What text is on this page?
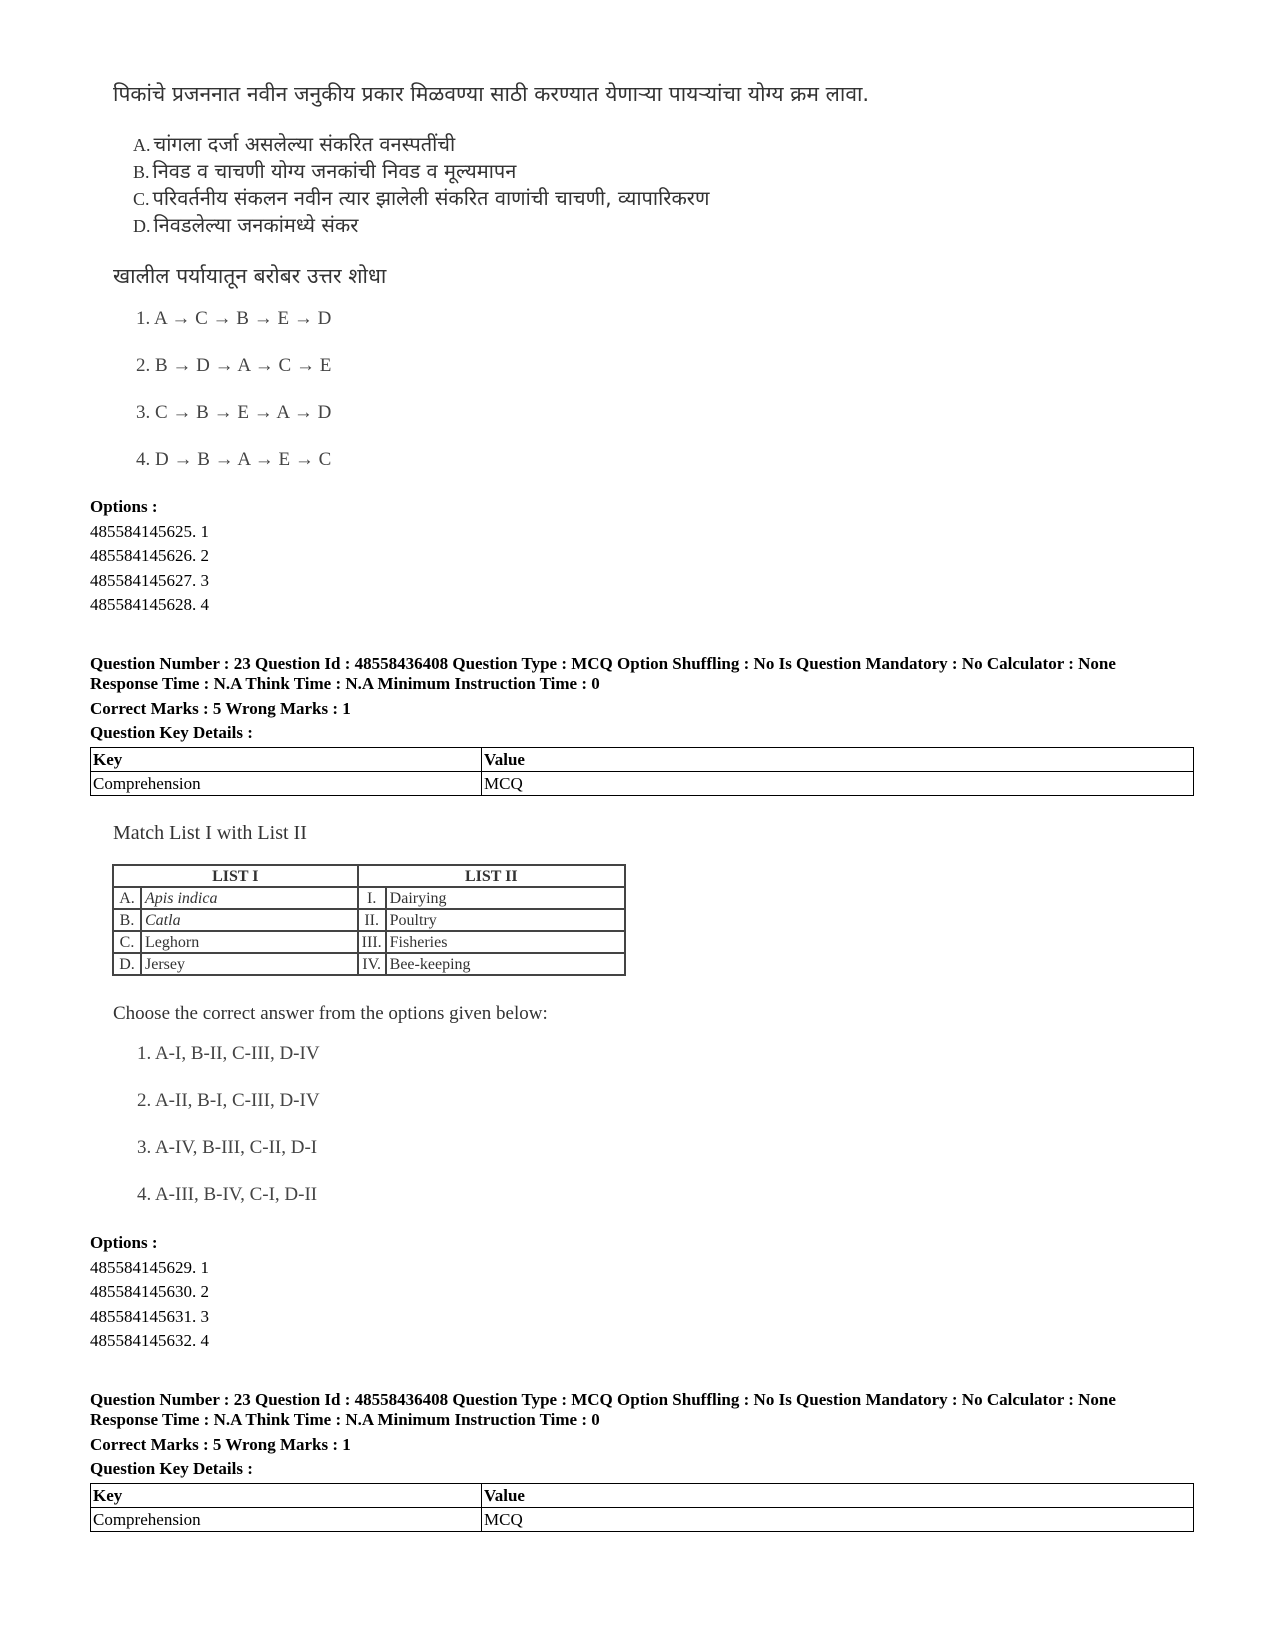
पिकांचे प्रजननात नवीन जनुकीय प्रकार मिळवण्या साठी करण्यात येणाऱ्या पायऱ्यांचा योग्य क्रम लावा.
A. चांगला दर्जा असलेल्या संकरित वनस्पतींची
B. निवड व चाचणी योग्य जनकांची निवड व मूल्यमापन
C. परिवर्तनीय संकलन नवीन त्यार झालेली संकरित वाणांची चाचणी, व्यापारिकरण
D. निवडलेल्या जनकांमध्ये संकर
खालील पर्यायातून बरोबर उत्तर शोधा
1. A → C → B → E → D
2. B → D → A → C → E
3. C → B → E → A → D
4. D → B → A → E → C
Options :
485584145625. 1
485584145626. 2
485584145627. 3
485584145628. 4
Question Number : 23 Question Id : 48558436408 Question Type : MCQ Option Shuffling : No Is Question Mandatory : No Calculator : None
Response Time : N.A Think Time : N.A Minimum Instruction Time : 0
Correct Marks : 5 Wrong Marks : 1
Question Key Details :
Key	Value
Comprehension	MCQ
Match List I with List II
LIST I		LIST II	
A.	Apis indica	I.	Dairying
B.	Catla	II.	Poultry
C.	Leghorn	III.	Fisheries
D.	Jersey	IV.	Bee-keeping
Choose the correct answer from the options given below:
1. A-I, B-II, C-III, D-IV
2. A-II, B-I, C-III, D-IV
3. A-IV, B-III, C-II, D-I
4. A-III, B-IV, C-I, D-II
Options :
485584145629. 1
485584145630. 2
485584145631. 3
485584145632. 4
Question Number : 23 Question Id : 48558436408 Question Type : MCQ Option Shuffling : No Is Question Mandatory : No Calculator : None
Response Time : N.A Think Time : N.A Minimum Instruction Time : 0
Correct Marks : 5 Wrong Marks : 1
Question Key Details :
Key	Value
Comprehension	MCQ
